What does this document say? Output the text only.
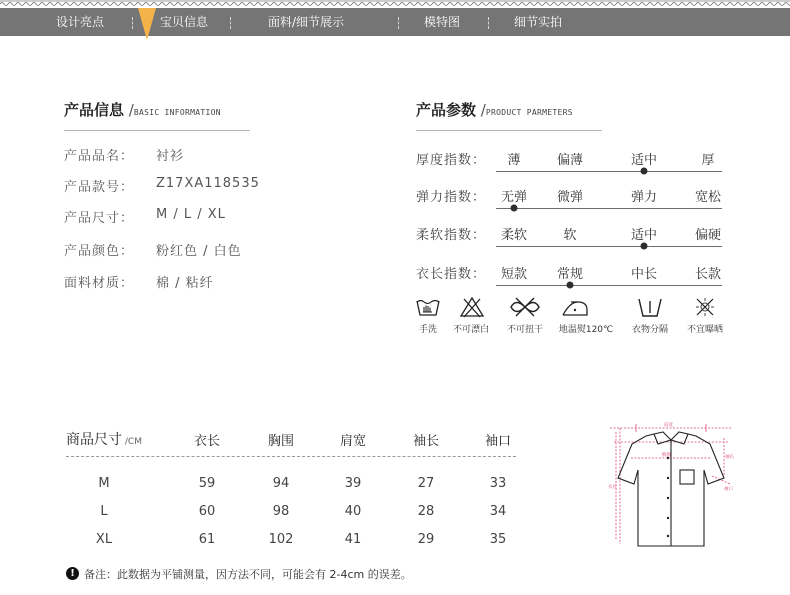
设计亮点	宝贝信息	面料/细节展示	模特图	细节实拍
产品信息 /BASIC INFORMATION
产品品名： 衬衫
产品款号： Z17XA118535
产品尺寸： M / L / XL
产品颜色： 粉红色 / 白色
面料材质： 棉 / 粘纤
产品参数 /PRODUCT PARMETERS
厚度指数： 薄	偏薄	适中	厚
弹力指数： 无弹 微弹	弹力	宽松
柔软指数： 柔软	软	适中	偏硬
衣长指数： 短款 常规	中长	长款
手洗 不可漂白 不可扭干 地温熨120℃ 衣物分隔 不宜曝晒
商品尺寸 /CM	衣长	胸围	肩宽	袖长	袖口
M	59	94	39	27	33
L	60	98	40	28	34
XL	61	102	41	29	35
肩宽
胸围	袖长
袖口
衣长
! 备注：此数据为平铺测量，因方法不同，可能会有 2-4cm 的误差。
